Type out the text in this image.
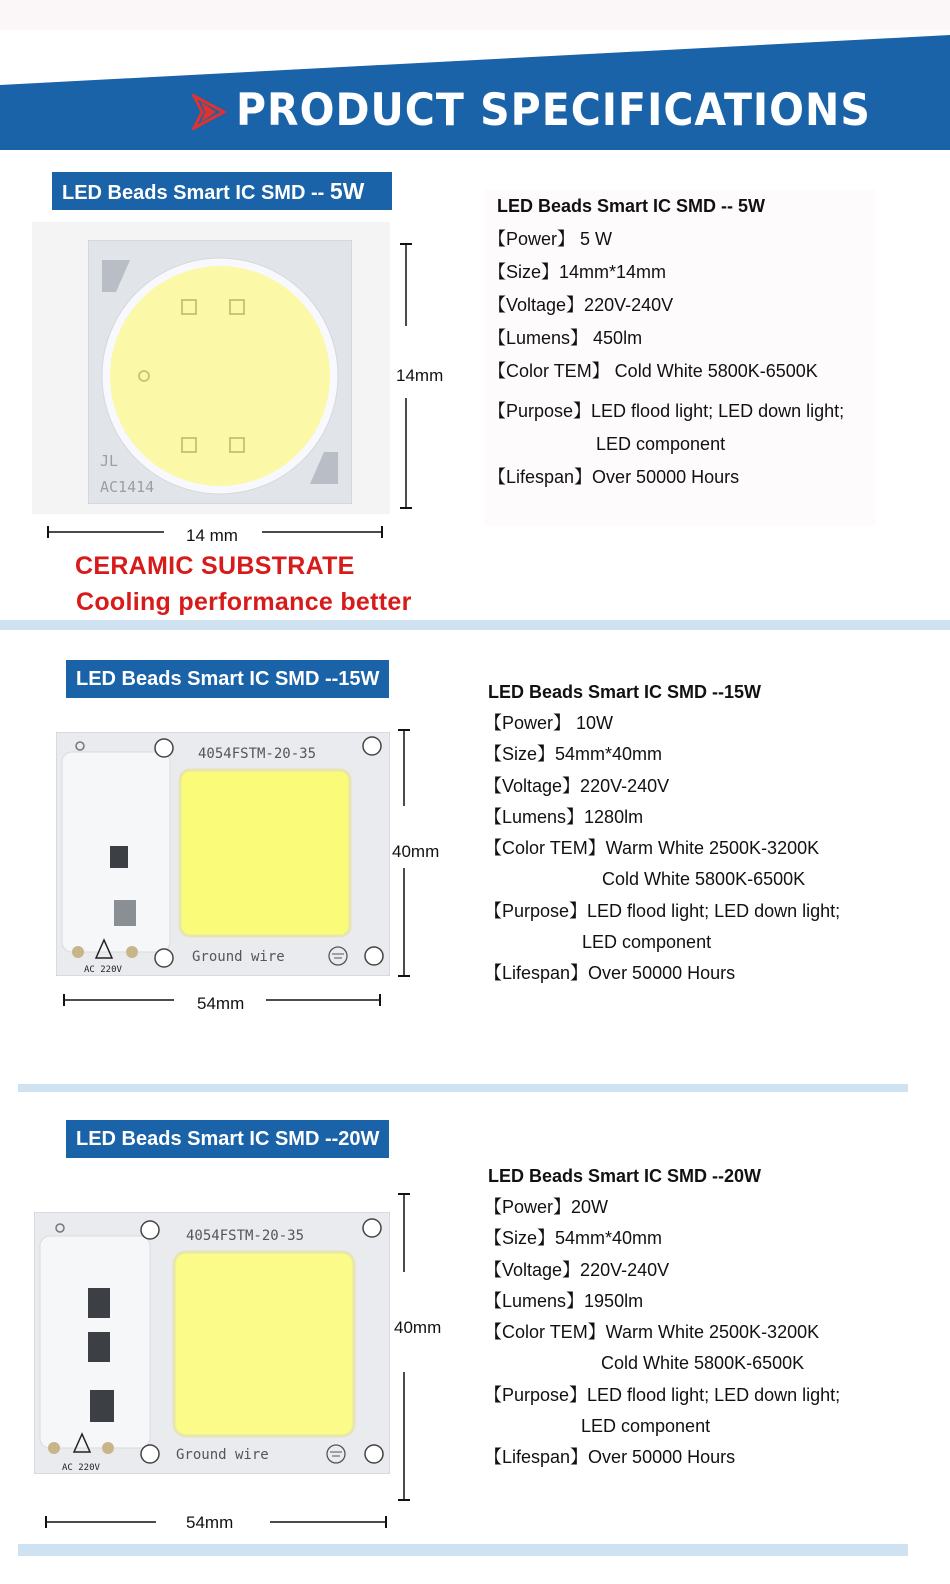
PRODUCT SPECIFICATIONS
LED Beads Smart IC SMD -- 5W
JL
AC1414
14mm
14 mm
CERAMIC SUBSTRATE
Cooling performance better
LED Beads Smart IC SMD -- 5W
【Power】 5 W
【Size】14mm*14mm
【Voltage】220V-240V
【Lumens】 450lm
【Color TEM】 Cold White 5800K-6500K
【Purpose】LED flood light; LED down light;
LED component
【Lifespan】Over 50000 Hours
LED Beads Smart IC SMD --15W
4054FSTM-20-35
Ground wire
AC 220V
40mm
54mm
LED Beads Smart IC SMD --15W
【Power】 10W
【Size】54mm*40mm
【Voltage】220V-240V
【Lumens】1280lm
【Color TEM】Warm White 2500K-3200K
Cold White 5800K-6500K
【Purpose】LED flood light; LED down light;
LED component
【Lifespan】Over 50000 Hours
LED Beads Smart IC SMD --20W
4054FSTM-20-35
Ground wire
AC 220V
40mm
54mm
LED Beads Smart IC SMD --20W
【Power】20W
【Size】54mm*40mm
【Voltage】220V-240V
【Lumens】1950lm
【Color TEM】Warm White 2500K-3200K
Cold White 5800K-6500K
【Purpose】LED flood light; LED down light;
LED component
【Lifespan】Over 50000 Hours
